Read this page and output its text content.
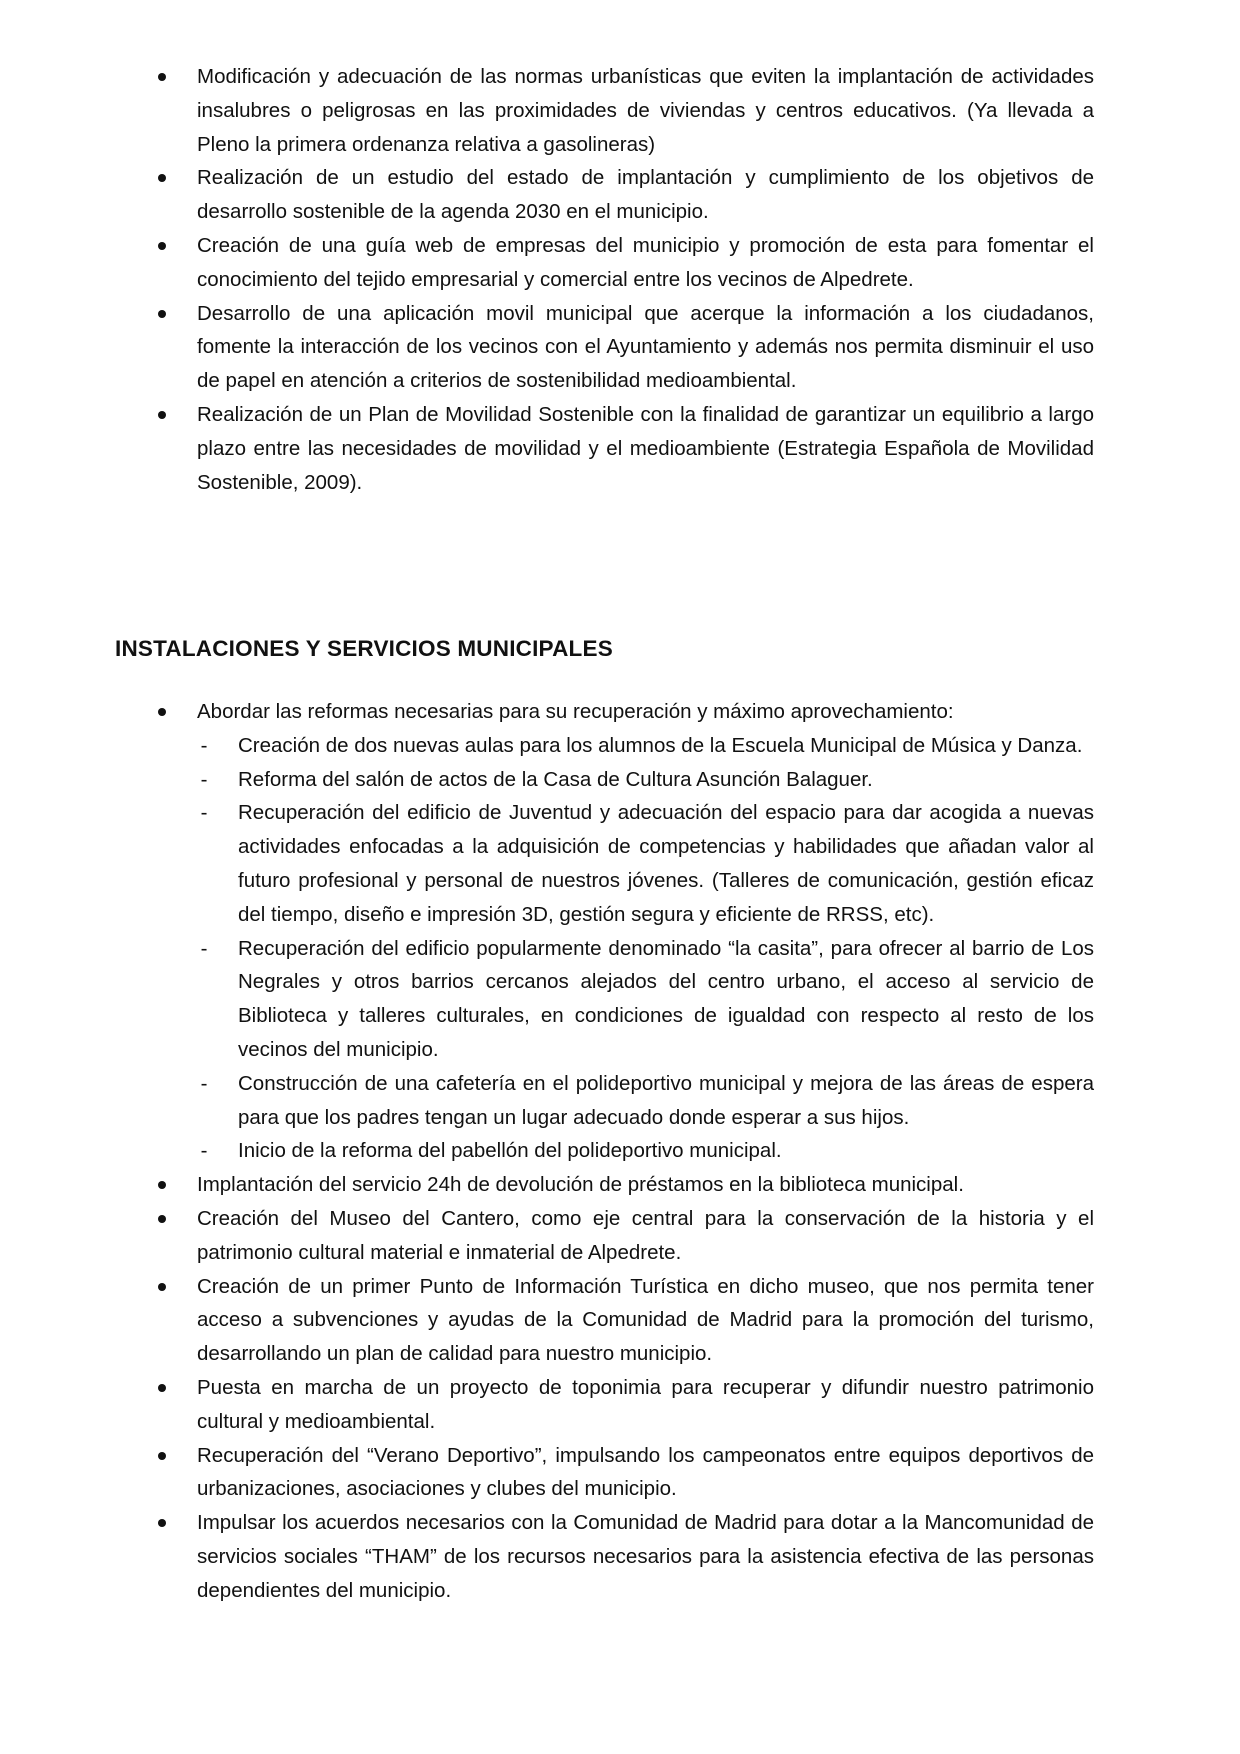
Modificación y adecuación de las normas urbanísticas que eviten la implantación de actividades insalubres o peligrosas en las proximidades de viviendas y centros educativos. (Ya llevada a Pleno la primera ordenanza relativa a gasolineras)
Realización de un estudio del estado de implantación y cumplimiento de los objetivos de desarrollo sostenible de la agenda 2030 en el municipio.
Creación de una guía web de empresas del municipio y promoción de esta para fomentar el conocimiento del tejido empresarial y comercial entre los vecinos de Alpedrete.
Desarrollo de una aplicación movil municipal que acerque la información a los ciudadanos, fomente la interacción de los vecinos con el Ayuntamiento y además nos permita disminuir el uso de papel en atención a criterios de sostenibilidad medioambiental.
Realización de un Plan de Movilidad Sostenible con la finalidad de garantizar un equilibrio a largo plazo entre las necesidades de movilidad y el medioambiente (Estrategia Española de Movilidad Sostenible, 2009).
INSTALACIONES Y SERVICIOS MUNICIPALES
Abordar las reformas necesarias para su recuperación y máximo aprovechamiento:
- Creación de dos nuevas aulas para los alumnos de la Escuela Municipal de Música y Danza.
- Reforma del salón de actos de la Casa de Cultura Asunción Balaguer.
- Recuperación del edificio de Juventud y adecuación del espacio para dar acogida a nuevas actividades enfocadas a la adquisición de competencias y habilidades que añadan valor al futuro profesional y personal de nuestros jóvenes. (Talleres de comunicación, gestión eficaz del tiempo, diseño e impresión 3D, gestión segura y eficiente de RRSS, etc).
- Recuperación del edificio popularmente denominado “la casita”, para ofrecer al barrio de Los Negrales y otros barrios cercanos alejados del centro urbano, el acceso al servicio de Biblioteca y talleres culturales, en condiciones de igualdad con respecto al resto de los vecinos del municipio.
- Construcción de una cafetería en el polideportivo municipal y mejora de las áreas de espera para que los padres tengan un lugar adecuado donde esperar a sus hijos.
- Inicio de la reforma del pabellón del polideportivo municipal.
Implantación del servicio 24h de devolución de préstamos en la biblioteca municipal.
Creación del Museo del Cantero, como eje central para la conservación de la historia y el patrimonio cultural material e inmaterial de Alpedrete.
Creación de un primer Punto de Información Turística en dicho museo, que nos permita tener acceso a subvenciones y ayudas de la Comunidad de Madrid para la promoción del turismo, desarrollando un plan de calidad para nuestro municipio.
Puesta en marcha de un proyecto de toponimia para recuperar y difundir nuestro patrimonio cultural y medioambiental.
Recuperación del “Verano Deportivo”, impulsando los campeonatos entre equipos deportivos de urbanizaciones, asociaciones y clubes del municipio.
Impulsar los acuerdos necesarios con la Comunidad de Madrid para dotar a la Mancomunidad de servicios sociales “THAM” de los recursos necesarios para la asistencia efectiva de las personas dependientes del municipio.
